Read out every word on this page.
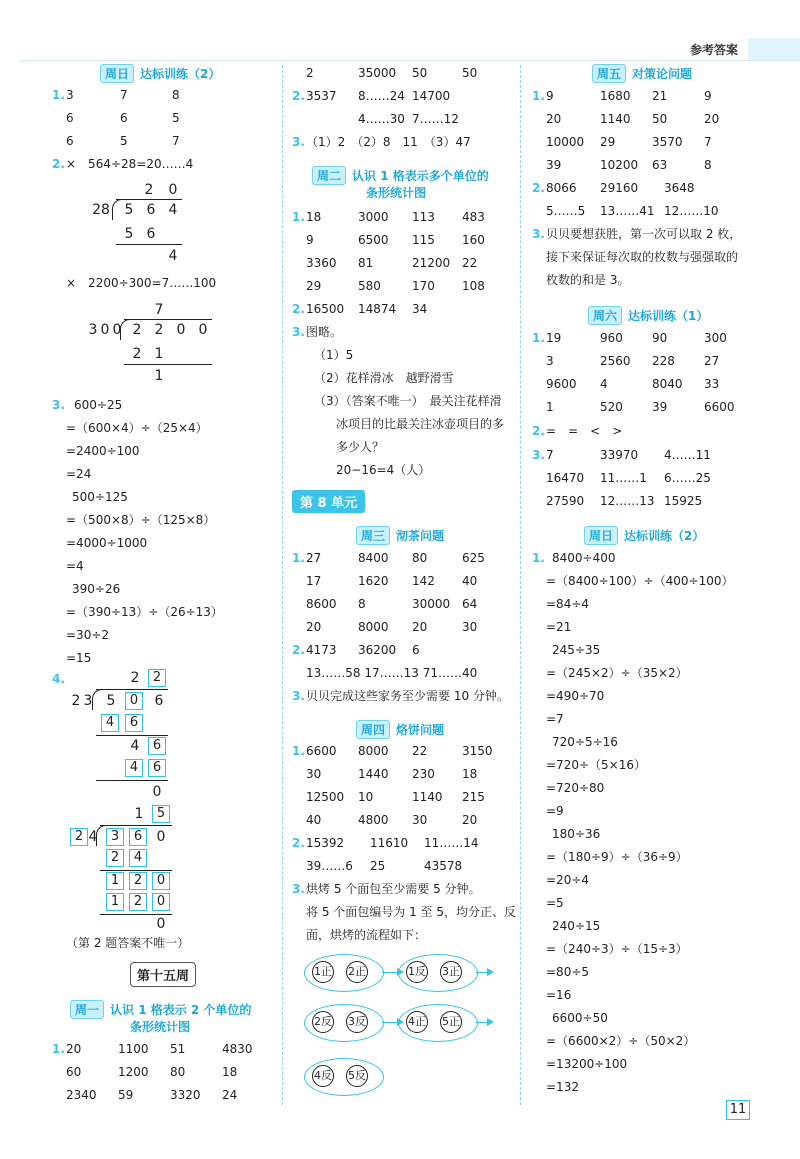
参考答案
周日 达标训练（2）
1. 3	7	8
6	6	5
6	5	7
2. ×　564÷28=20……4
2	0
28	5 6 4
5 6
4
×　2200÷300=7……100
7
3 0 0 2 2 0 0
2 1
1
3. 600÷25
=（600×4）÷（25×4）
=2400÷100
=24
500÷125
=（500×8）÷（125×8）
=4000÷1000
=4
390÷26
=（390÷13）÷（26÷13）
=30÷2
=15
4.	2	2
2 3	5	0	6
4	6
4	6
4	6
0
1	5
2 4	3	6	0
2	4
1	2	0
1	2	0
0
（第 2 题答案不唯一）
第十五周
周一 认识 1 格表示 2 个单位的
条形统计图
1. 20	1100 51	4830
60	1200 80	18
2340 59	3320 24
2	35000 50	50
2. 3537 8……24 14700
4……30 7……12
3. （1）2　（2）8　11　（3）47
周二 认识 1 格表示多个单位的
条形统计图
1. 18	3000 113 483
9	6500 115 160
3360 81	21200 22
29	580	170 108
2. 16500 14874 34
3. 图略。
（1）5
（2）花样滑冰　越野滑雪
（3）（答案不唯一）　最关注花样滑
冰项目的比最关注冰壶项目的多
多少人？
20−16=4（人）
第 8 单元
周三 沏茶问题
1. 27	8400 80	625
17	1620 142 40
8600 8	30000 64
20	8000 20	30
2. 4173 36200 6
13……58 17……13 71……40
3. 贝贝完成这些家务至少需要 10 分钟。
周四 烙饼问题
1. 6600 8000 22	3150
30	1440 230 18
12500 10	1140 215
40	4800 30	20
2. 15392 11610 11……14
39……6 25	43578
3. 烘烤 5 个面包至少需要 5 分钟。
将 5 个面包编号为 1 至 5，均分正、反
面，烘烤的流程如下：
1正 2正	1反 3正
2反 3反	4正 5正
4反 5反
周五 对策论问题
1. 9	1680 21	9
20	1140 50	20
10000 29	3570 7
39	10200 63	8
2. 8066 29160 3648
5……5 13……41 12……10
3. 贝贝要想获胜，第一次可以取 2 枚，
接下来保证每次取的枚数与强强取的
枚数的和是 3。
周六 达标训练（1）
1. 19	960 90	300
3	2560 228 27
9600 4	8040 33
1	520 39	6600
2. =　=　<　>
3. 7	33970 4……11
16470 11……1 6……25
27590 12……13 15925
周日 达标训练（2）
1. 8400÷400
=（8400÷100）÷（400÷100）
=84÷4
=21
245÷35
=（245×2）÷（35×2）
=490÷70
=7
720÷5÷16
=720÷（5×16）
=720÷80
=9
180÷36
=（180÷9）÷（36÷9）
=20÷4
=5
240÷15
=（240÷3）÷（15÷3）
=80÷5
=16
6600÷50
=（6600×2）÷（50×2）
=13200÷100
=132
11
